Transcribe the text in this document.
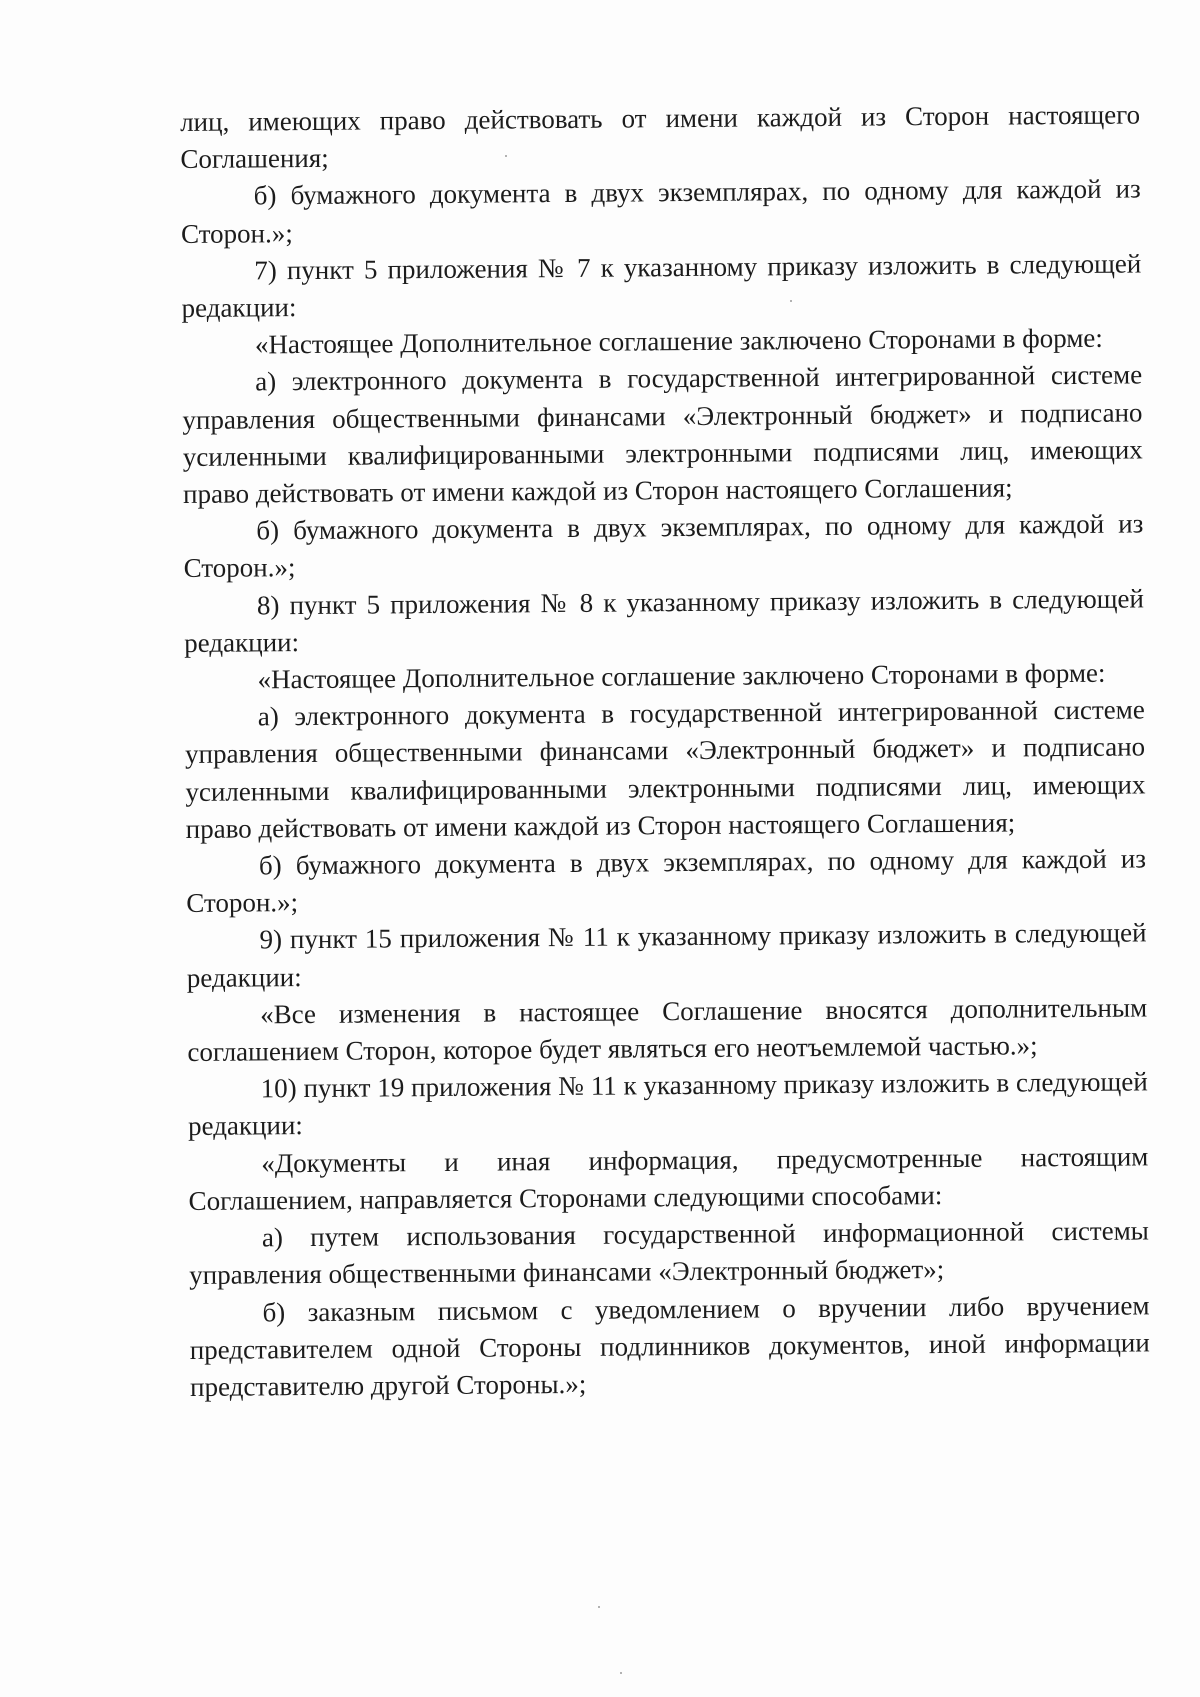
лиц, имеющих право действовать от имени каждой из Сторон настоящего Соглашения;

б) бумажного документа в двух экземплярах, по одному для каждой из Сторон.»;

7) пункт 5 приложения № 7 к указанному приказу изложить в следующей редакции:

«Настоящее Дополнительное соглашение заключено Сторонами в форме:

а) электронного документа в государственной интегрированной системе управления общественными финансами «Электронный бюджет» и подписано усиленными квалифицированными электронными подписями лиц, имеющих право действовать от имени каждой из Сторон настоящего Соглашения;

б) бумажного документа в двух экземплярах, по одному для каждой из Сторон.»;

8) пункт 5 приложения № 8 к указанному приказу изложить в следующей редакции:

«Настоящее Дополнительное соглашение заключено Сторонами в форме:

а) электронного документа в государственной интегрированной системе управления общественными финансами «Электронный бюджет» и подписано усиленными квалифицированными электронными подписями лиц, имеющих право действовать от имени каждой из Сторон настоящего Соглашения;

б) бумажного документа в двух экземплярах, по одному для каждой из Сторон.»;

9) пункт 15 приложения № 11 к указанному приказу изложить в следующей редакции:

«Все изменения в настоящее Соглашение вносятся дополнительным соглашением Сторон, которое будет являться его неотъемлемой частью.»;

10) пункт 19 приложения № 11 к указанному приказу изложить в следующей редакции:

«Документы и иная информация, предусмотренные настоящим Соглашением, направляется Сторонами следующими способами:

а) путем использования государственной информационной системы управления общественными финансами «Электронный бюджет»;

б) заказным письмом с уведомлением о вручении либо вручением представителем одной Стороны подлинников документов, иной информации представителю другой Стороны.»;
